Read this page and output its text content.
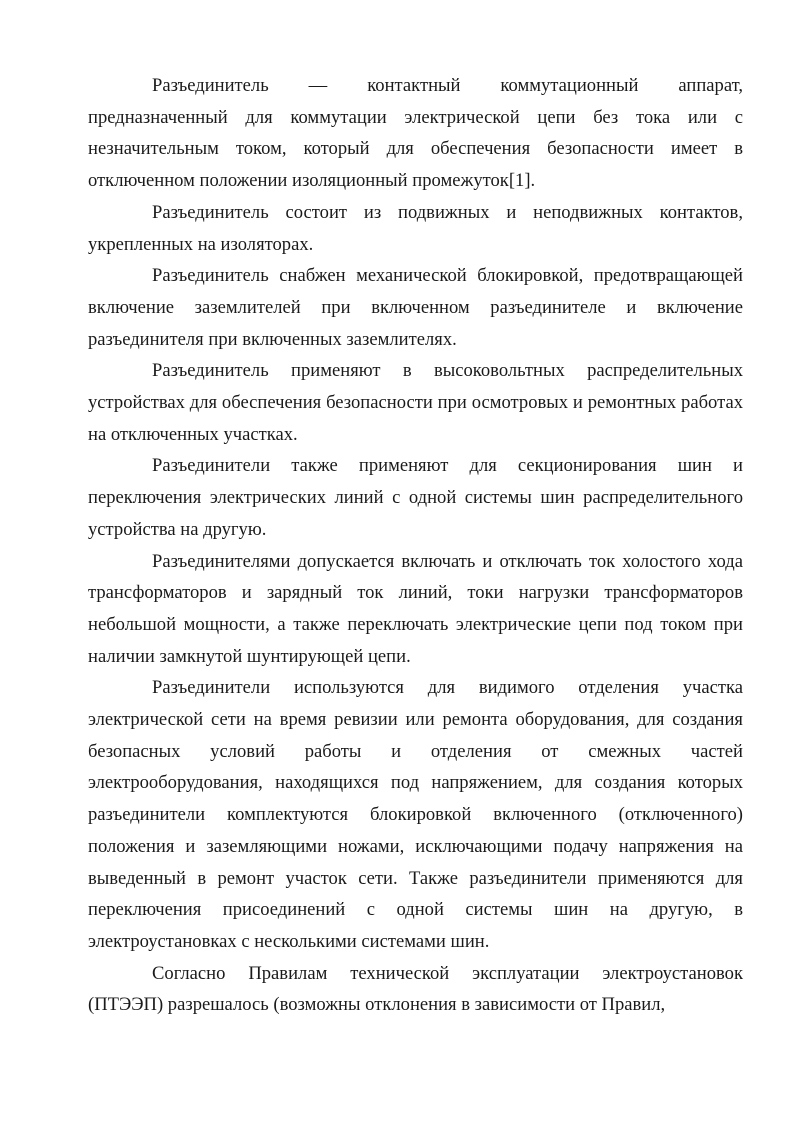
Разъединитель — контактный коммутационный аппарат, предназначенный для коммутации электрической цепи без тока или с незначительным током, который для обеспечения безопасности имеет в отключенном положении изоляционный промежуток[1].

Разъединитель состоит из подвижных и неподвижных контактов, укрепленных на изоляторах.

Разъединитель снабжен механической блокировкой, предотвращающей включение заземлителей при включенном разъединителе и включение разъединителя при включенных заземлителях.

Разъединитель применяют в высоковольтных распределительных устройствах для обеспечения безопасности при осмотровых и ремонтных работах на отключенных участках.

Разъединители также применяют для секционирования шин и переключения электрических линий с одной системы шин распределительного устройства на другую.

Разъединителями допускается включать и отключать ток холостого хода трансформаторов и зарядный ток линий, токи нагрузки трансформаторов небольшой мощности, а также переключать электрические цепи под током при наличии замкнутой шунтирующей цепи.

Разъединители используются для видимого отделения участка электрической сети на время ревизии или ремонта оборудования, для создания безопасных условий работы и отделения от смежных частей электрооборудования, находящихся под напряжением, для создания которых разъединители комплектуются блокировкой включенного (отключенного) положения и заземляющими ножами, исключающими подачу напряжения на выведенный в ремонт участок сети. Также разъединители применяются для переключения присоединений с одной системы шин на другую, в электроустановках с несколькими системами шин.

Согласно Правилам технической эксплуатации электроустановок (ПТЭЭП) разрешалось (возможны отклонения в зависимости от Правил,
